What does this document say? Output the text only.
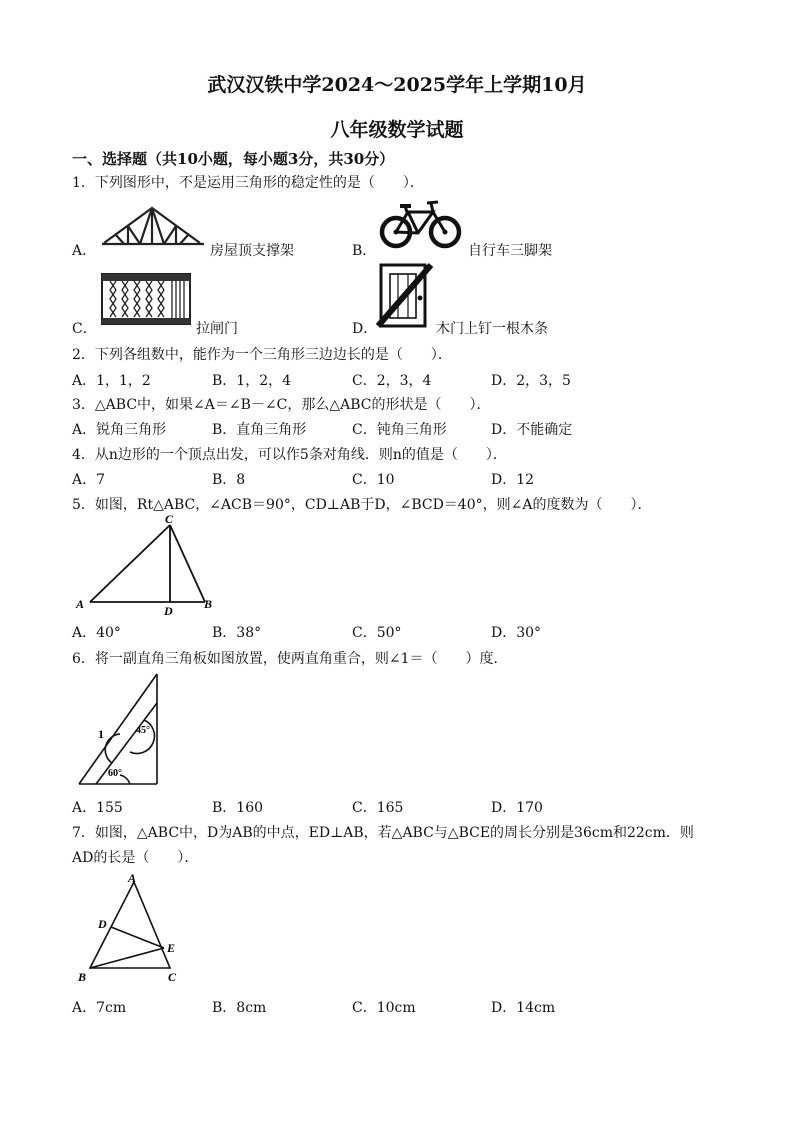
武汉汉铁中学2024～2025学年上学期10月
八年级数学试题
一、选择题（共10小题，每小题3分，共30分）
1．下列图形中，不是运用三角形的稳定性的是（　　）．
A．	房屋顶支撑架	B．	自行车三脚架
C．	拉闸门	D．	木门上钉一根木条
2．下列各组数中，能作为一个三角形三边边长的是（　　）．
A．1，1，2	B．1，2，4	C．2，3，4	D．2，3，5
3．△ABC中，如果∠A＝∠B－∠C，那么△ABC的形状是（　　）．
A．锐角三角形	B．直角三角形	C．钝角三角形	D．不能确定
4．从n边形的一个顶点出发，可以作5条对角线．则n的值是（　　）．
A．7	B．8	C．10	D．12
5．如图，Rt△ABC，∠ACB＝90°，CD⊥AB于D，∠BCD＝40°，则∠A的度数为（　　）．
A	B
C
D
A．40°	B．38°	C．50°	D．30°
6．将一副直角三角板如图放置，使两直角重合，则∠1＝（　　）度．
1	45°
60°
A．155	B．160	C．165	D．170
7．如图，△ABC中，D为AB的中点，ED⊥AB，若△ABC与△BCE的周长分别是36cm和22cm．则
AD的长是（　　）．
A
B	C
D
E
A．7cm	B．8cm	C．10cm	D．14cm
